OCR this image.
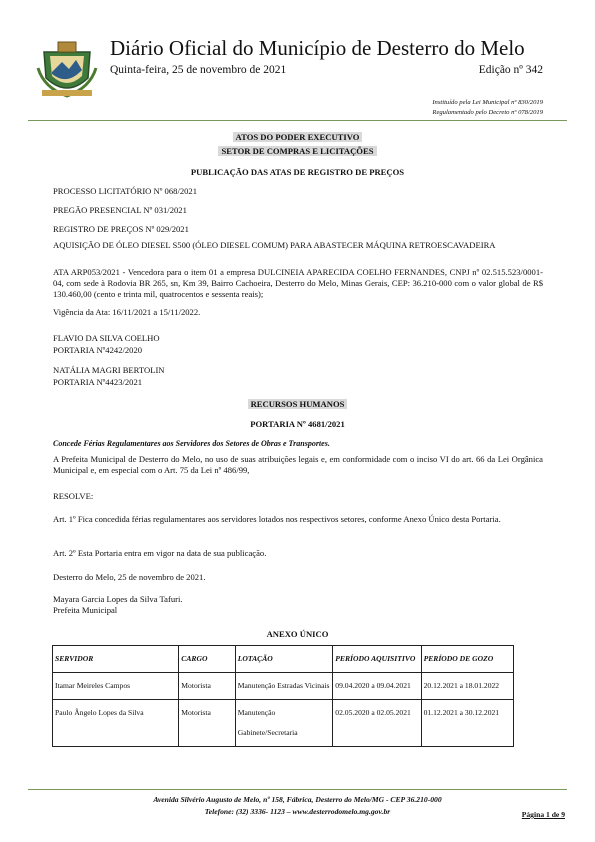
Diário Oficial do Município de Desterro do Melo
Quinta-feira, 25 de novembro de 2021	Edição nº 342
Instituído pela Lei Municipal nº 830/2019
Regulamentado pelo Decreto nº 078/2019
ATOS DO PODER EXECUTIVO
SETOR DE COMPRAS E LICITAÇÕES
PUBLICAÇÃO DAS ATAS DE REGISTRO DE PREÇOS
PROCESSO LICITATÓRIO Nº 068/2021
PREGÃO PRESENCIAL Nº 031/2021
REGISTRO DE PREÇOS Nº 029/2021
AQUISIÇÃO DE ÓLEO DIESEL S500 (ÓLEO DIESEL COMUM) PARA ABASTECER MÁQUINA RETROESCAVADEIRA
ATA ARP053/2021 - Vencedora para o item 01 a empresa DULCINEIA APARECIDA COELHO FERNANDES, CNPJ nº 02.515.523/0001-04, com sede à Rodovia BR 265, sn, Km 39, Bairro Cachoeira, Desterro do Melo, Minas Gerais, CEP: 36.210-000 com o valor global de R$ 130.460,00 (cento e trinta mil, quatrocentos e sessenta reais);
Vigência da Ata: 16/11/2021 a 15/11/2022.
FLAVIO DA SILVA COELHO
PORTARIA Nº4242/2020
NATÁLIA MAGRI BERTOLIN
PORTARIA Nº4423/2021
RECURSOS HUMANOS
PORTARIA Nº 4681/2021
Concede Férias Regulamentares aos Servidores dos Setores de Obras e Transportes.
A Prefeita Municipal de Desterro do Melo, no uso de suas atribuições legais e, em conformidade com o inciso VI do art. 66 da Lei Orgânica Municipal e, em especial com o Art. 75 da Lei nº 486/99,
RESOLVE:
Art. 1º Fica concedida férias regulamentares aos servidores lotados nos respectivos setores, conforme Anexo Único desta Portaria.
Art. 2º Esta Portaria entra em vigor na data de sua publicação.
Desterro do Melo, 25 de novembro de 2021.
Mayara Garcia Lopes da Silva Tafuri.
Prefeita Municipal
ANEXO ÚNICO
SERVIDOR	CARGO	LOTAÇÃO	PERÍODO AQUISITIVO	PERÍODO DE GOZO
Itamar Meireles Campos	Motorista	Manutenção Estradas Vicinais	09.04.2020 a 09.04.2021	20.12.2021 a 18.01.2022
Paulo Ângelo Lopes da Silva	Motorista	Manutenção Gabinete/Secretaria	02.05.2020 a 02.05.2021	01.12.2021 a 30.12.2021
Avenida Silvério Augusto de Melo, nº 158, Fábrica, Desterro do Melo/MG - CEP 36.210-000
Telefone: (32) 3336- 1123 – www.desterrodomelo.mg.gov.br	Página 1 de 9
